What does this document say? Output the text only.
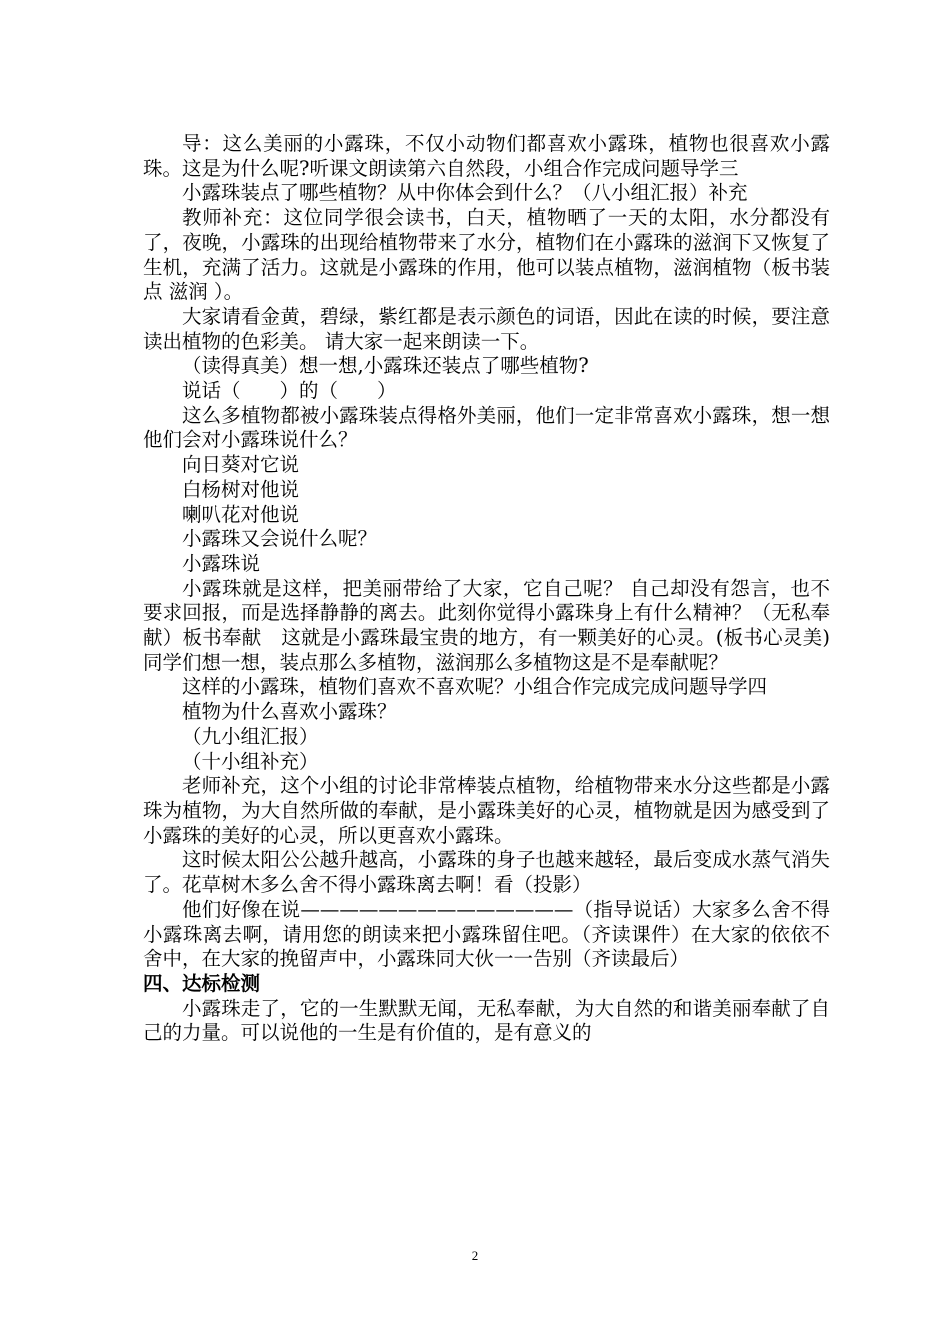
导：这么美丽的小露珠，不仅小动物们都喜欢小露珠，植物也很喜欢小露珠。这是为什么呢?听课文朗读第六自然段，小组合作完成问题导学三

小露珠装点了哪些植物？从中你体会到什么？（八小组汇报）补充

教师补充：这位同学很会读书，白天，植物晒了一天的太阳，水分都没有了，夜晚，小露珠的出现给植物带来了水分，植物们在小露珠的滋润下又恢复了生机，充满了活力。这就是小露珠的作用，他可以装点植物，滋润植物（板书装点 滋润 ）。

大家请看金黄，碧绿，紫红都是表示颜色的词语，因此在读的时候，要注意读出植物的色彩美。 请大家一起来朗读一下。

（读得真美）想一想,小露珠还装点了哪些植物?

说话（　　）的（　　）

这么多植物都被小露珠装点得格外美丽，他们一定非常喜欢小露珠，想一想他们会对小露珠说什么？

向日葵对它说

白杨树对他说

喇叭花对他说

小露珠又会说什么呢？

小露珠说

小露珠就是这样，把美丽带给了大家，它自己呢？ 自己却没有怨言，也不要求回报，而是选择静静的离去。此刻你觉得小露珠身上有什么精神？（无私奉献）板书奉献　这就是小露珠最宝贵的地方，有一颗美好的心灵。(板书心灵美)同学们想一想，装点那么多植物，滋润那么多植物这是不是奉献呢？

这样的小露珠，植物们喜欢不喜欢呢？小组合作完成完成问题导学四

植物为什么喜欢小露珠？

（九小组汇报）

（十小组补充）

老师补充，这个小组的讨论非常棒装点植物，给植物带来水分这些都是小露珠为植物，为大自然所做的奉献，是小露珠美好的心灵，植物就是因为感受到了小露珠的美好的心灵，所以更喜欢小露珠。

这时候太阳公公越升越高，小露珠的身子也越来越轻，最后变成水蒸气消失了。花草树木多么舍不得小露珠离去啊！看（投影）

他们好像在说——————————————（指导说话）大家多么舍不得小露珠离去啊，请用您的朗读来把小露珠留住吧。（齐读课件）在大家的依依不舍中，在大家的挽留声中，小露珠同大伙一一告别（齐读最后）

四、达标检测

小露珠走了，它的一生默默无闻，无私奉献，为大自然的和谐美丽奉献了自己的力量。可以说他的一生是有价值的，是有意义的

2
